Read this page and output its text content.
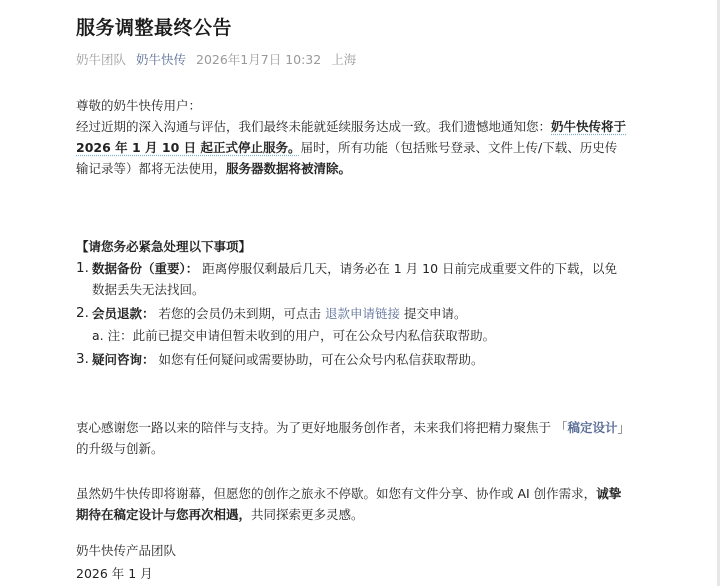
服务调整最终公告
奶牛团队 奶牛快传 2026年1月7日 10:32 上海
尊敬的奶牛快传用户：
经过近期的深入沟通与评估，我们最终未能就延续服务达成一致。我们遗憾地通知您：奶牛快传将于
2026 年 1 月 10 日 起正式停止服务。届时，所有功能（包括账号登录、文件上传/下载、历史传输记录等）都将无法使用，服务器数据将被清除。
【请您务必紧急处理以下事项】
1. 数据备份（重要）： 距离停服仅剩最后几天，请务必在 1 月 10 日前完成重要文件的下载，以免数据丢失无法找回。
2. 会员退款： 若您的会员仍未到期，可点击 退款申请链接 提交申请。
a. 注：此前已提交申请但暂未收到的用户，可在公众号内私信获取帮助。
3. 疑问咨询： 如您有任何疑问或需要协助，可在公众号内私信获取帮助。
衷心感谢您一路以来的陪伴与支持。为了更好地服务创作者，未来我们将把精力聚焦于 「稿定设计」的升级与创新。
虽然奶牛快传即将谢幕，但愿您的创作之旅永不停歇。如您有文件分享、协作或 AI 创作需求，诚挚期待在稿定设计与您再次相遇，共同探索更多灵感。
奶牛快传产品团队
2026 年 1 月
